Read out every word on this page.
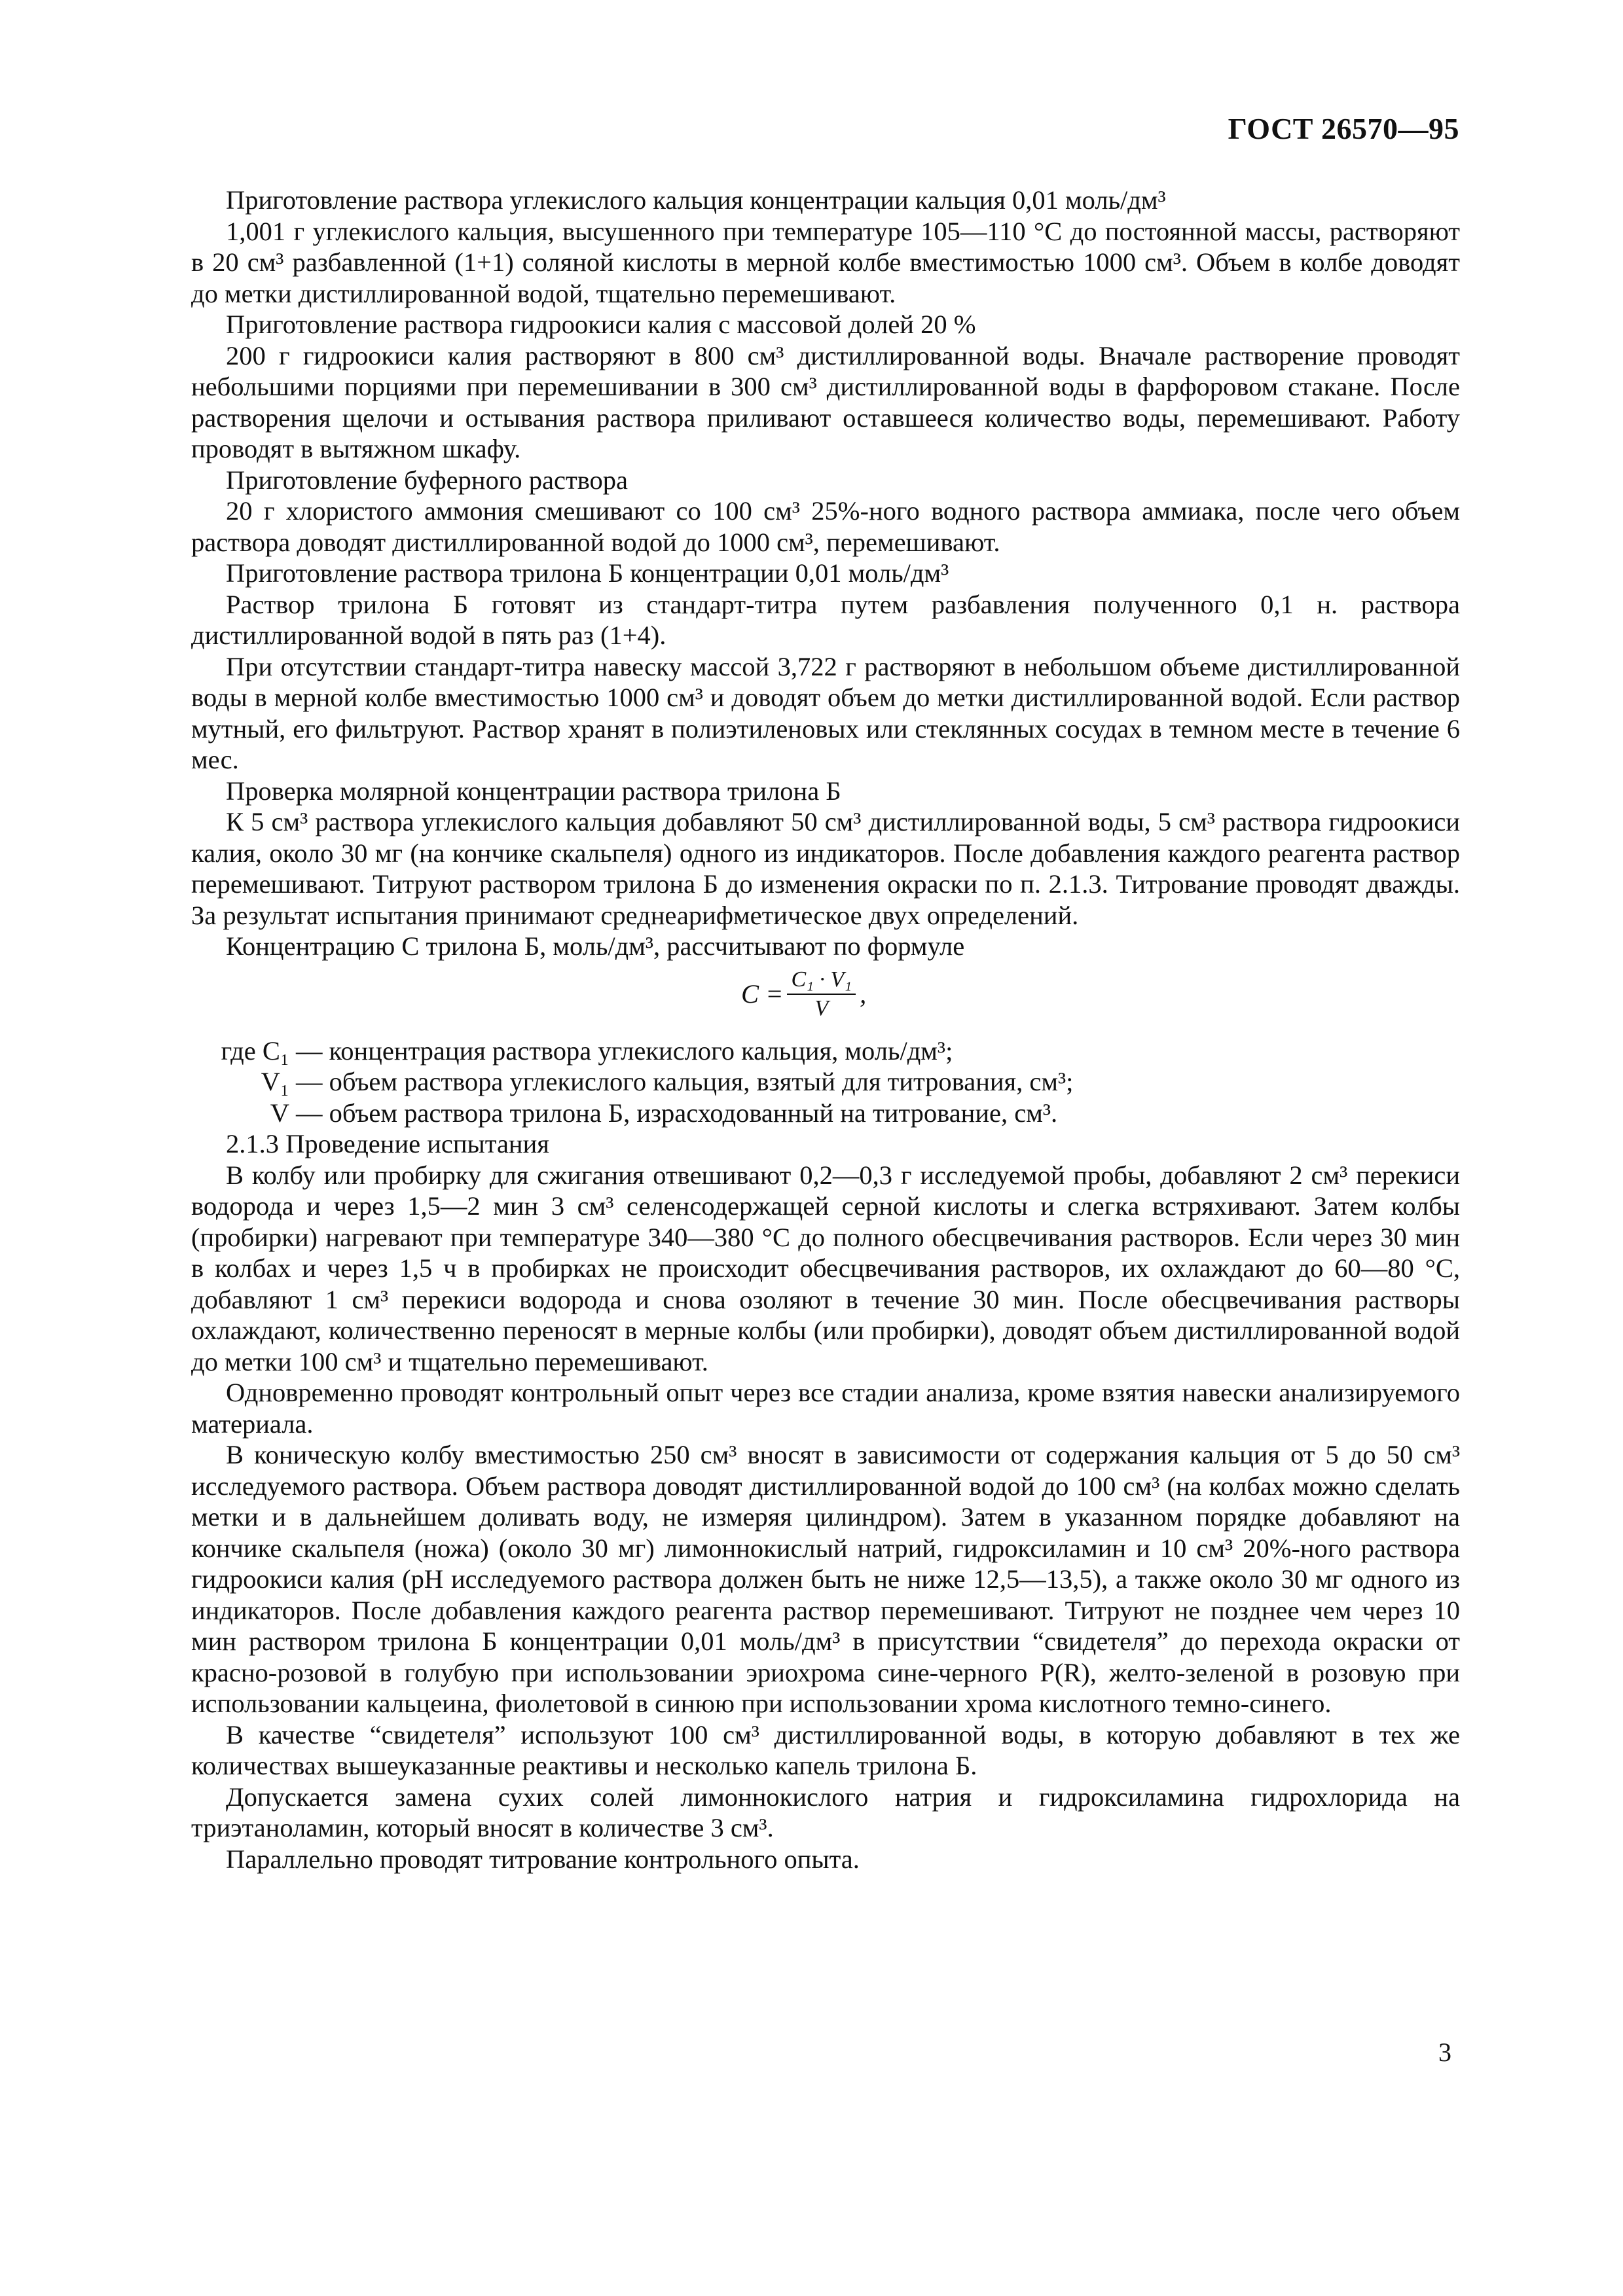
ГОСТ 26570—95

Приготовление раствора углекислого кальция концентрации кальция 0,01 моль/дм³

1,001 г углекислого кальция, высушенного при температуре 105—110 °С до постоянной массы, растворяют в 20 см³ разбавленной (1+1) соляной кислоты в мерной колбе вместимостью 1000 см³. Объем в колбе доводят до метки дистиллированной водой, тщательно перемешивают.

Приготовление раствора гидроокиси калия с массовой долей 20 %

200 г гидроокиси калия растворяют в 800 см³ дистиллированной воды. Вначале растворение проводят небольшими порциями при перемешивании в 300 см³ дистиллированной воды в фарфоровом стакане. После растворения щелочи и остывания раствора приливают оставшееся количество воды, перемешивают. Работу проводят в вытяжном шкафу.

Приготовление буферного раствора

20 г хлористого аммония смешивают со 100 см³ 25%-ного водного раствора аммиака, после чего объем раствора доводят дистиллированной водой до 1000 см³, перемешивают.

Приготовление раствора трилона Б концентрации 0,01 моль/дм³

Раствор трилона Б готовят из стандарт-титра путем разбавления полученного 0,1 н. раствора дистиллированной водой в пять раз (1+4).

При отсутствии стандарт-титра навеску массой 3,722 г растворяют в небольшом объеме дистиллированной воды в мерной колбе вместимостью 1000 см³ и доводят объем до метки дистиллированной водой. Если раствор мутный, его фильтруют. Раствор хранят в полиэтиленовых или стеклянных сосудах в темном месте в течение 6 мес.

Проверка молярной концентрации раствора трилона Б

К 5 см³ раствора углекислого кальция добавляют 50 см³ дистиллированной воды, 5 см³ раствора гидроокиси калия, около 30 мг (на кончике скальпеля) одного из индикаторов. После добавления каждого реагента раствор перемешивают. Титруют раствором трилона Б до изменения окраски по п. 2.1.3. Титрование проводят дважды. За результат испытания принимают среднеарифметическое двух определений.

Концентрацию С трилона Б, моль/дм³, рассчитывают по формуле

$C = \frac{\text{C₁ · V₁}}{V}$ ,
где C₁ — концентрация раствора углекислого кальция, моль/дм³;
V₁ — объем раствора углекислого кальция, взятый для титрования, см³;
V — объем раствора трилона Б, израсходованный на титрование, см³.

2.1.3 Проведение испытания

В колбу или пробирку для сжигания отвешивают 0,2—0,3 г исследуемой пробы, добавляют 2 см³ перекиси водорода и через 1,5—2 мин 3 см³ селенсодержащей серной кислоты и слегка встряхивают. Затем колбы (пробирки) нагревают при температуре 340—380 °С до полного обесцвечивания растворов. Если через 30 мин в колбах и через 1,5 ч в пробирках не происходит обесцвечивания растворов, их охлаждают до 60—80 °С, добавляют 1 см³ перекиси водорода и снова озоляют в течение 30 мин. После обесцвечивания растворы охлаждают, количественно переносят в мерные колбы (или пробирки), доводят объем дистиллированной водой до метки 100 см³ и тщательно перемешивают.

Одновременно проводят контрольный опыт через все стадии анализа, кроме взятия навески анализируемого материала.

В коническую колбу вместимостью 250 см³ вносят в зависимости от содержания кальция от 5 до 50 см³ исследуемого раствора. Объем раствора доводят дистиллированной водой до 100 см³ (на колбах можно сделать метки и в дальнейшем доливать воду, не измеряя цилиндром). Затем в указанном порядке добавляют на кончике скальпеля (ножа) (около 30 мг) лимоннокислый натрий, гидроксиламин и 10 см³ 20%-ного раствора гидроокиси калия (pH исследуемого раствора должен быть не ниже 12,5—13,5), а также около 30 мг одного из индикаторов. После добавления каждого реагента раствор перемешивают. Титруют не позднее чем через 10 мин раствором трилона Б концентрации 0,01 моль/дм³ в присутствии “свидетеля” до перехода окраски от красно-розовой в голубую при использовании эриохрома сине-черного Р(R), желто-зеленой в розовую при использовании кальцеина, фиолетовой в синюю при использовании хрома кислотного темно-синего.

В качестве “свидетеля” используют 100 см³ дистиллированной воды, в которую добавляют в тех же количествах вышеуказанные реактивы и несколько капель трилона Б.

Допускается замена сухих солей лимоннокислого натрия и гидроксиламина гидрохлорида на триэтаноламин, который вносят в количестве 3 см³.

Параллельно проводят титрование контрольного опыта.

3
